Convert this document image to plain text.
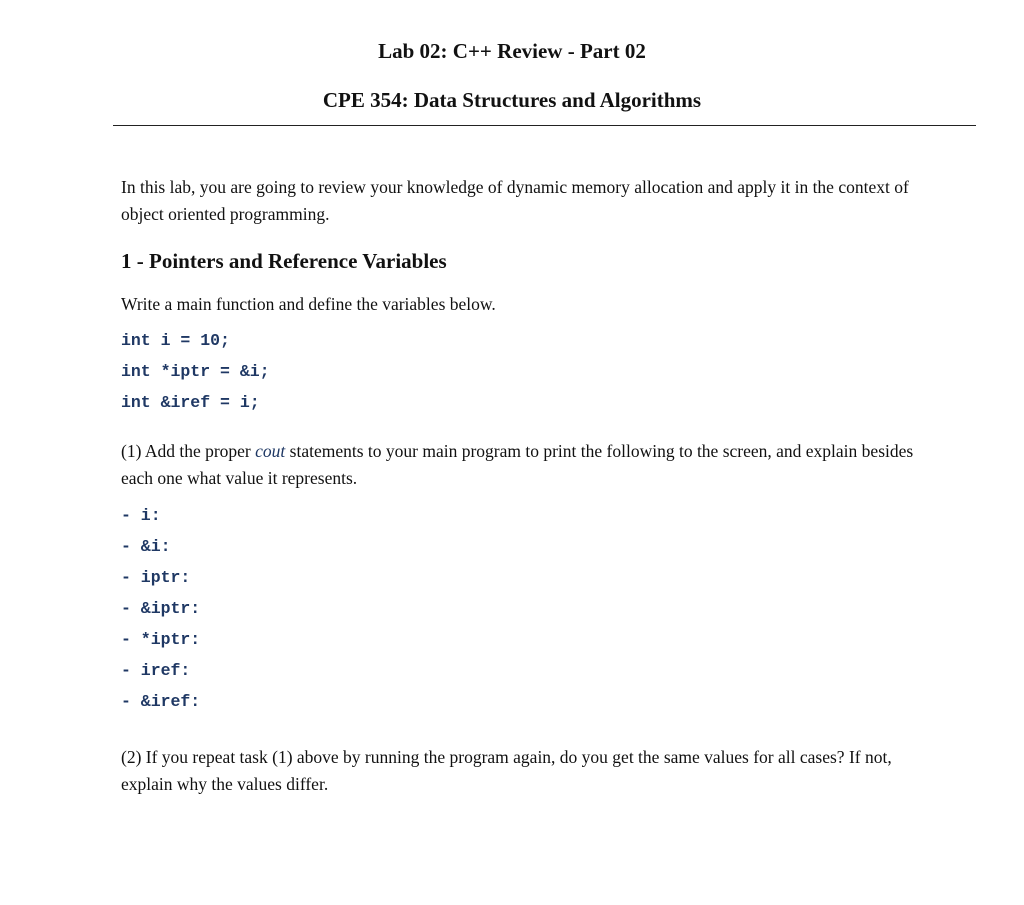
Lab 02: C++ Review - Part 02
CPE 354: Data Structures and Algorithms

In this lab, you are going to review your knowledge of dynamic memory allocation and apply it in the context of object oriented programming.

1 - Pointers and Reference Variables

Write a main function and define the variables below.

int i = 10;

int *iptr = &i;

int &iref = i;

(1) Add the proper cout statements to your main program to print the following to the screen, and explain besides each one what value it represents.

- i:

- &i:

- iptr:

- &iptr:

- *iptr:

- iref:

- &iref:

(2) If you repeat task (1) above by running the program again, do you get the same values for all cases? If not, explain why the values differ.
